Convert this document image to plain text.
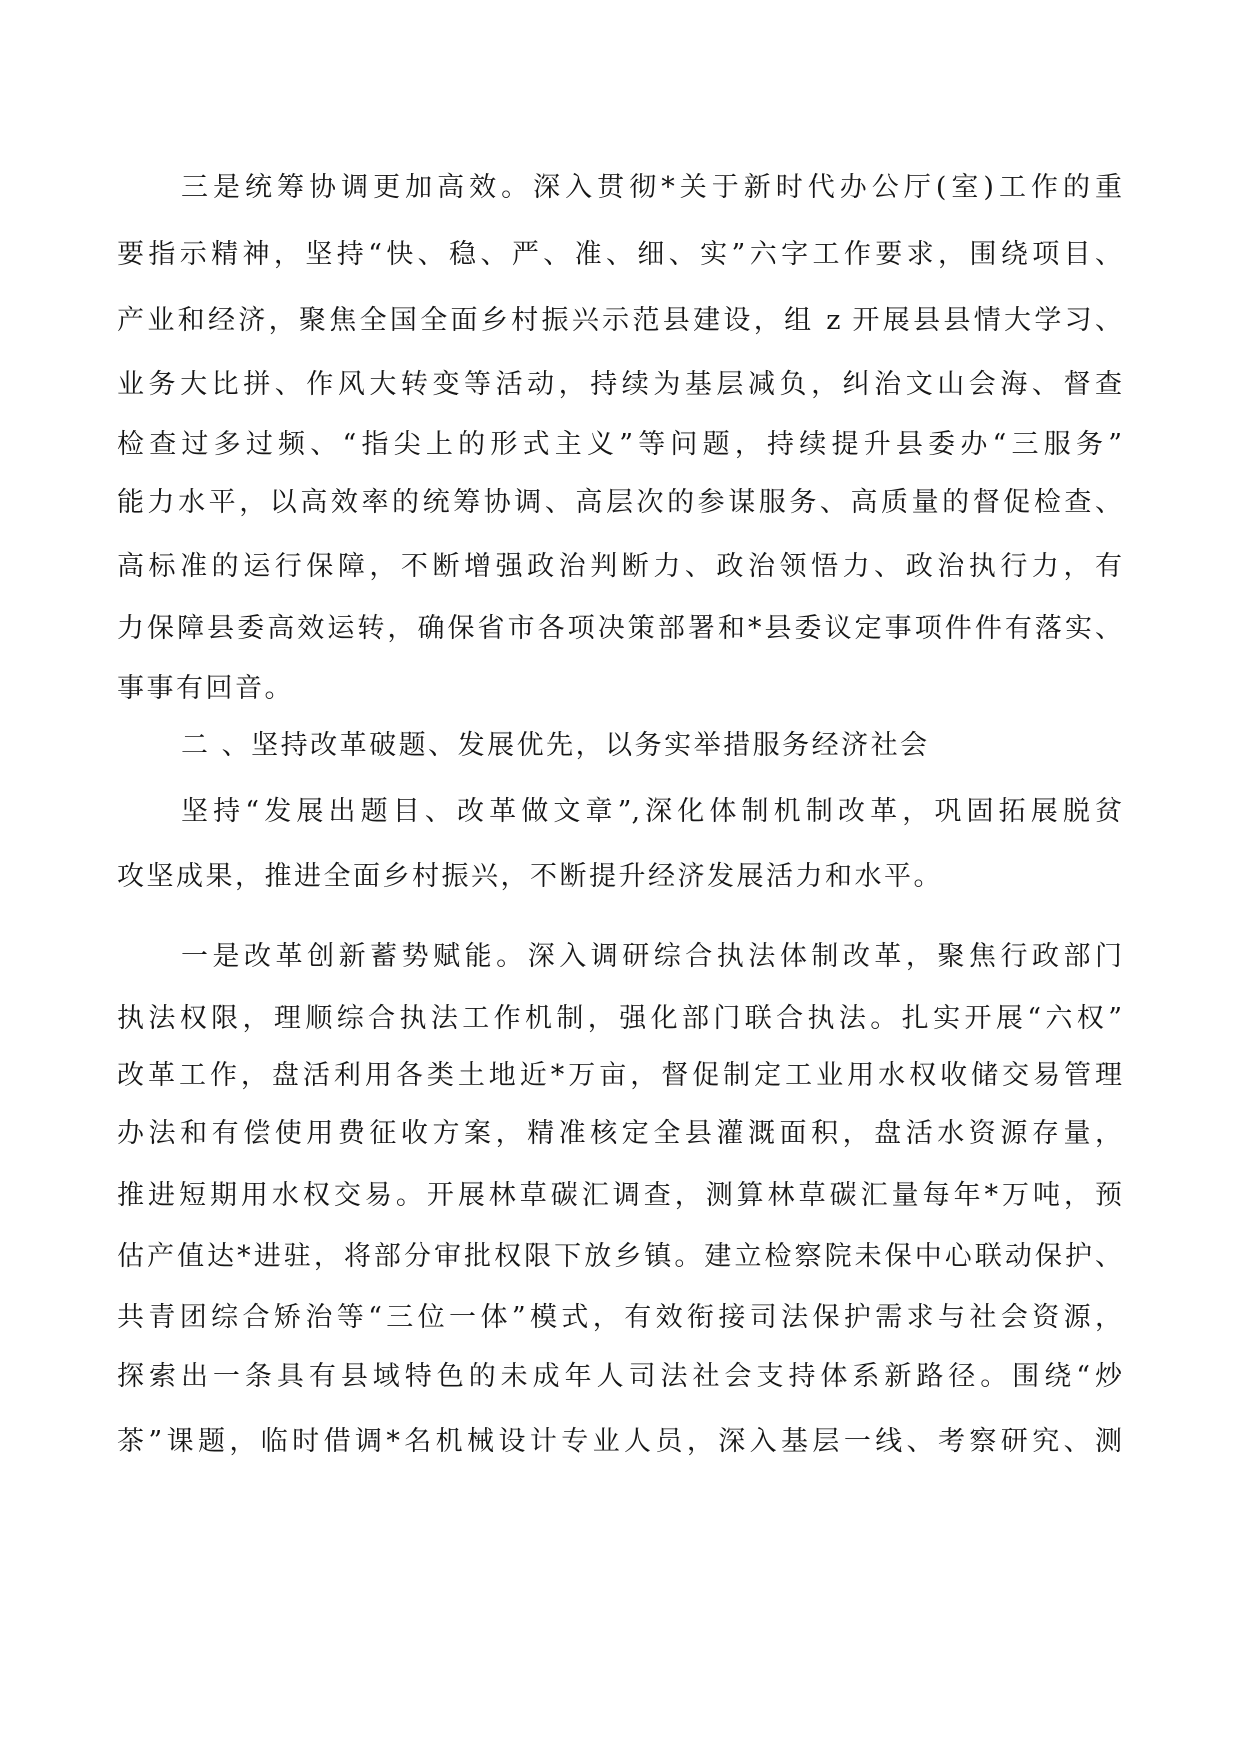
三是统筹协调更加高效。深入贯彻*关于新时代办公厅(室)工作的重
要指示精神，坚持“快、稳、严、准、细、实”六字工作要求，围绕项目、
产业和经济，聚焦全国全面乡村振兴示范县建设，组 z 开展县县情大学习、
业务大比拼、作风大转变等活动，持续为基层减负，纠治文山会海、督查
检查过多过频、“指尖上的形式主义”等问题，持续提升县委办“三服务”
能力水平，以高效率的统筹协调、高层次的参谋服务、高质量的督促检查、
高标准的运行保障，不断增强政治判断力、政治领悟力、政治执行力，有
力保障县委高效运转，确保省市各项决策部署和*县委议定事项件件有落实、
事事有回音。
二 、坚持改革破题、发展优先，以务实举措服务经济社会
坚持“发展出题目、改革做文章”,深化体制机制改革，巩固拓展脱贫
攻坚成果，推进全面乡村振兴，不断提升经济发展活力和水平。
一是改革创新蓄势赋能。深入调研综合执法体制改革，聚焦行政部门
执法权限，理顺综合执法工作机制，强化部门联合执法。扎实开展“六权”
改革工作，盘活利用各类土地近*万亩，督促制定工业用水权收储交易管理
办法和有偿使用费征收方案，精准核定全县灌溉面积，盘活水资源存量，
推进短期用水权交易。开展林草碳汇调查，测算林草碳汇量每年*万吨，预
估产值达*进驻，将部分审批权限下放乡镇。建立检察院未保中心联动保护、
共青团综合矫治等“三位一体”模式，有效衔接司法保护需求与社会资源，
探索出一条具有县域特色的未成年人司法社会支持体系新路径。围绕“炒
茶”课题，临时借调*名机械设计专业人员，深入基层一线、考察研究、测
